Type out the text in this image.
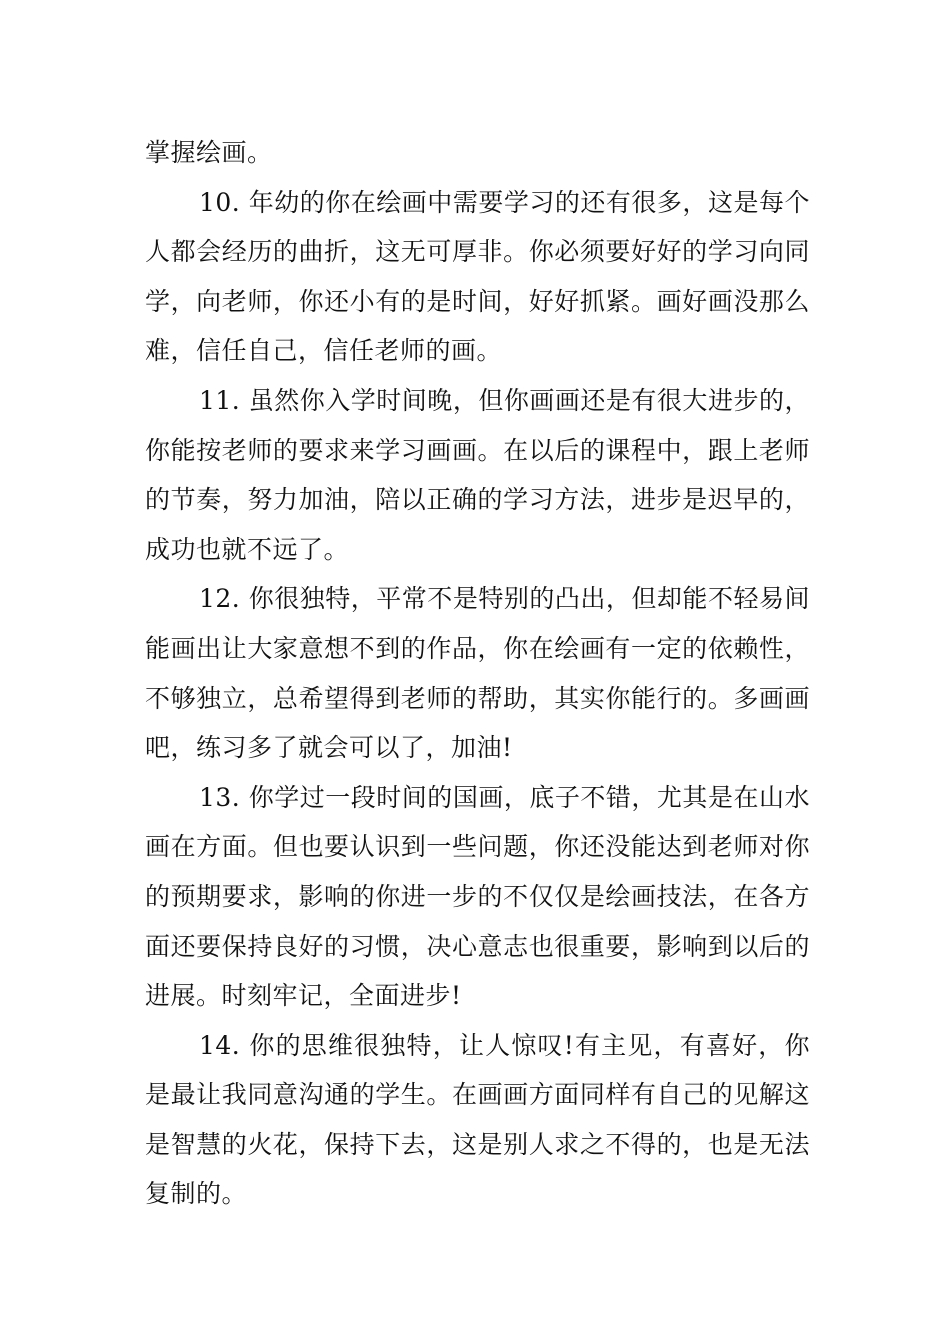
掌握绘画。

10. 年幼的你在绘画中需要学习的还有很多，这是每个人都会经历的曲折，这无可厚非。你必须要好好的学习向同学，向老师，你还小有的是时间，好好抓紧。画好画没那么难，信任自己，信任老师的画。

11. 虽然你入学时间晚，但你画画还是有很大进步的，你能按老师的要求来学习画画。在以后的课程中，跟上老师的节奏，努力加油，陪以正确的学习方法，进步是迟早的，成功也就不远了。

12. 你很独特，平常不是特别的凸出，但却能不轻易间能画出让大家意想不到的作品，你在绘画有一定的依赖性，不够独立，总希望得到老师的帮助，其实你能行的。多画画吧，练习多了就会可以了，加油!

13. 你学过一段时间的国画，底子不错，尤其是在山水画在方面。但也要认识到一些问题，你还没能达到老师对你的预期要求，影响的你进一步的不仅仅是绘画技法，在各方面还要保持良好的习惯，决心意志也很重要，影响到以后的进展。时刻牢记，全面进步!

14. 你的思维很独特，让人惊叹!有主见，有喜好，你是最让我同意沟通的学生。在画画方面同样有自己的见解这是智慧的火花，保持下去，这是别人求之不得的，也是无法复制的。
